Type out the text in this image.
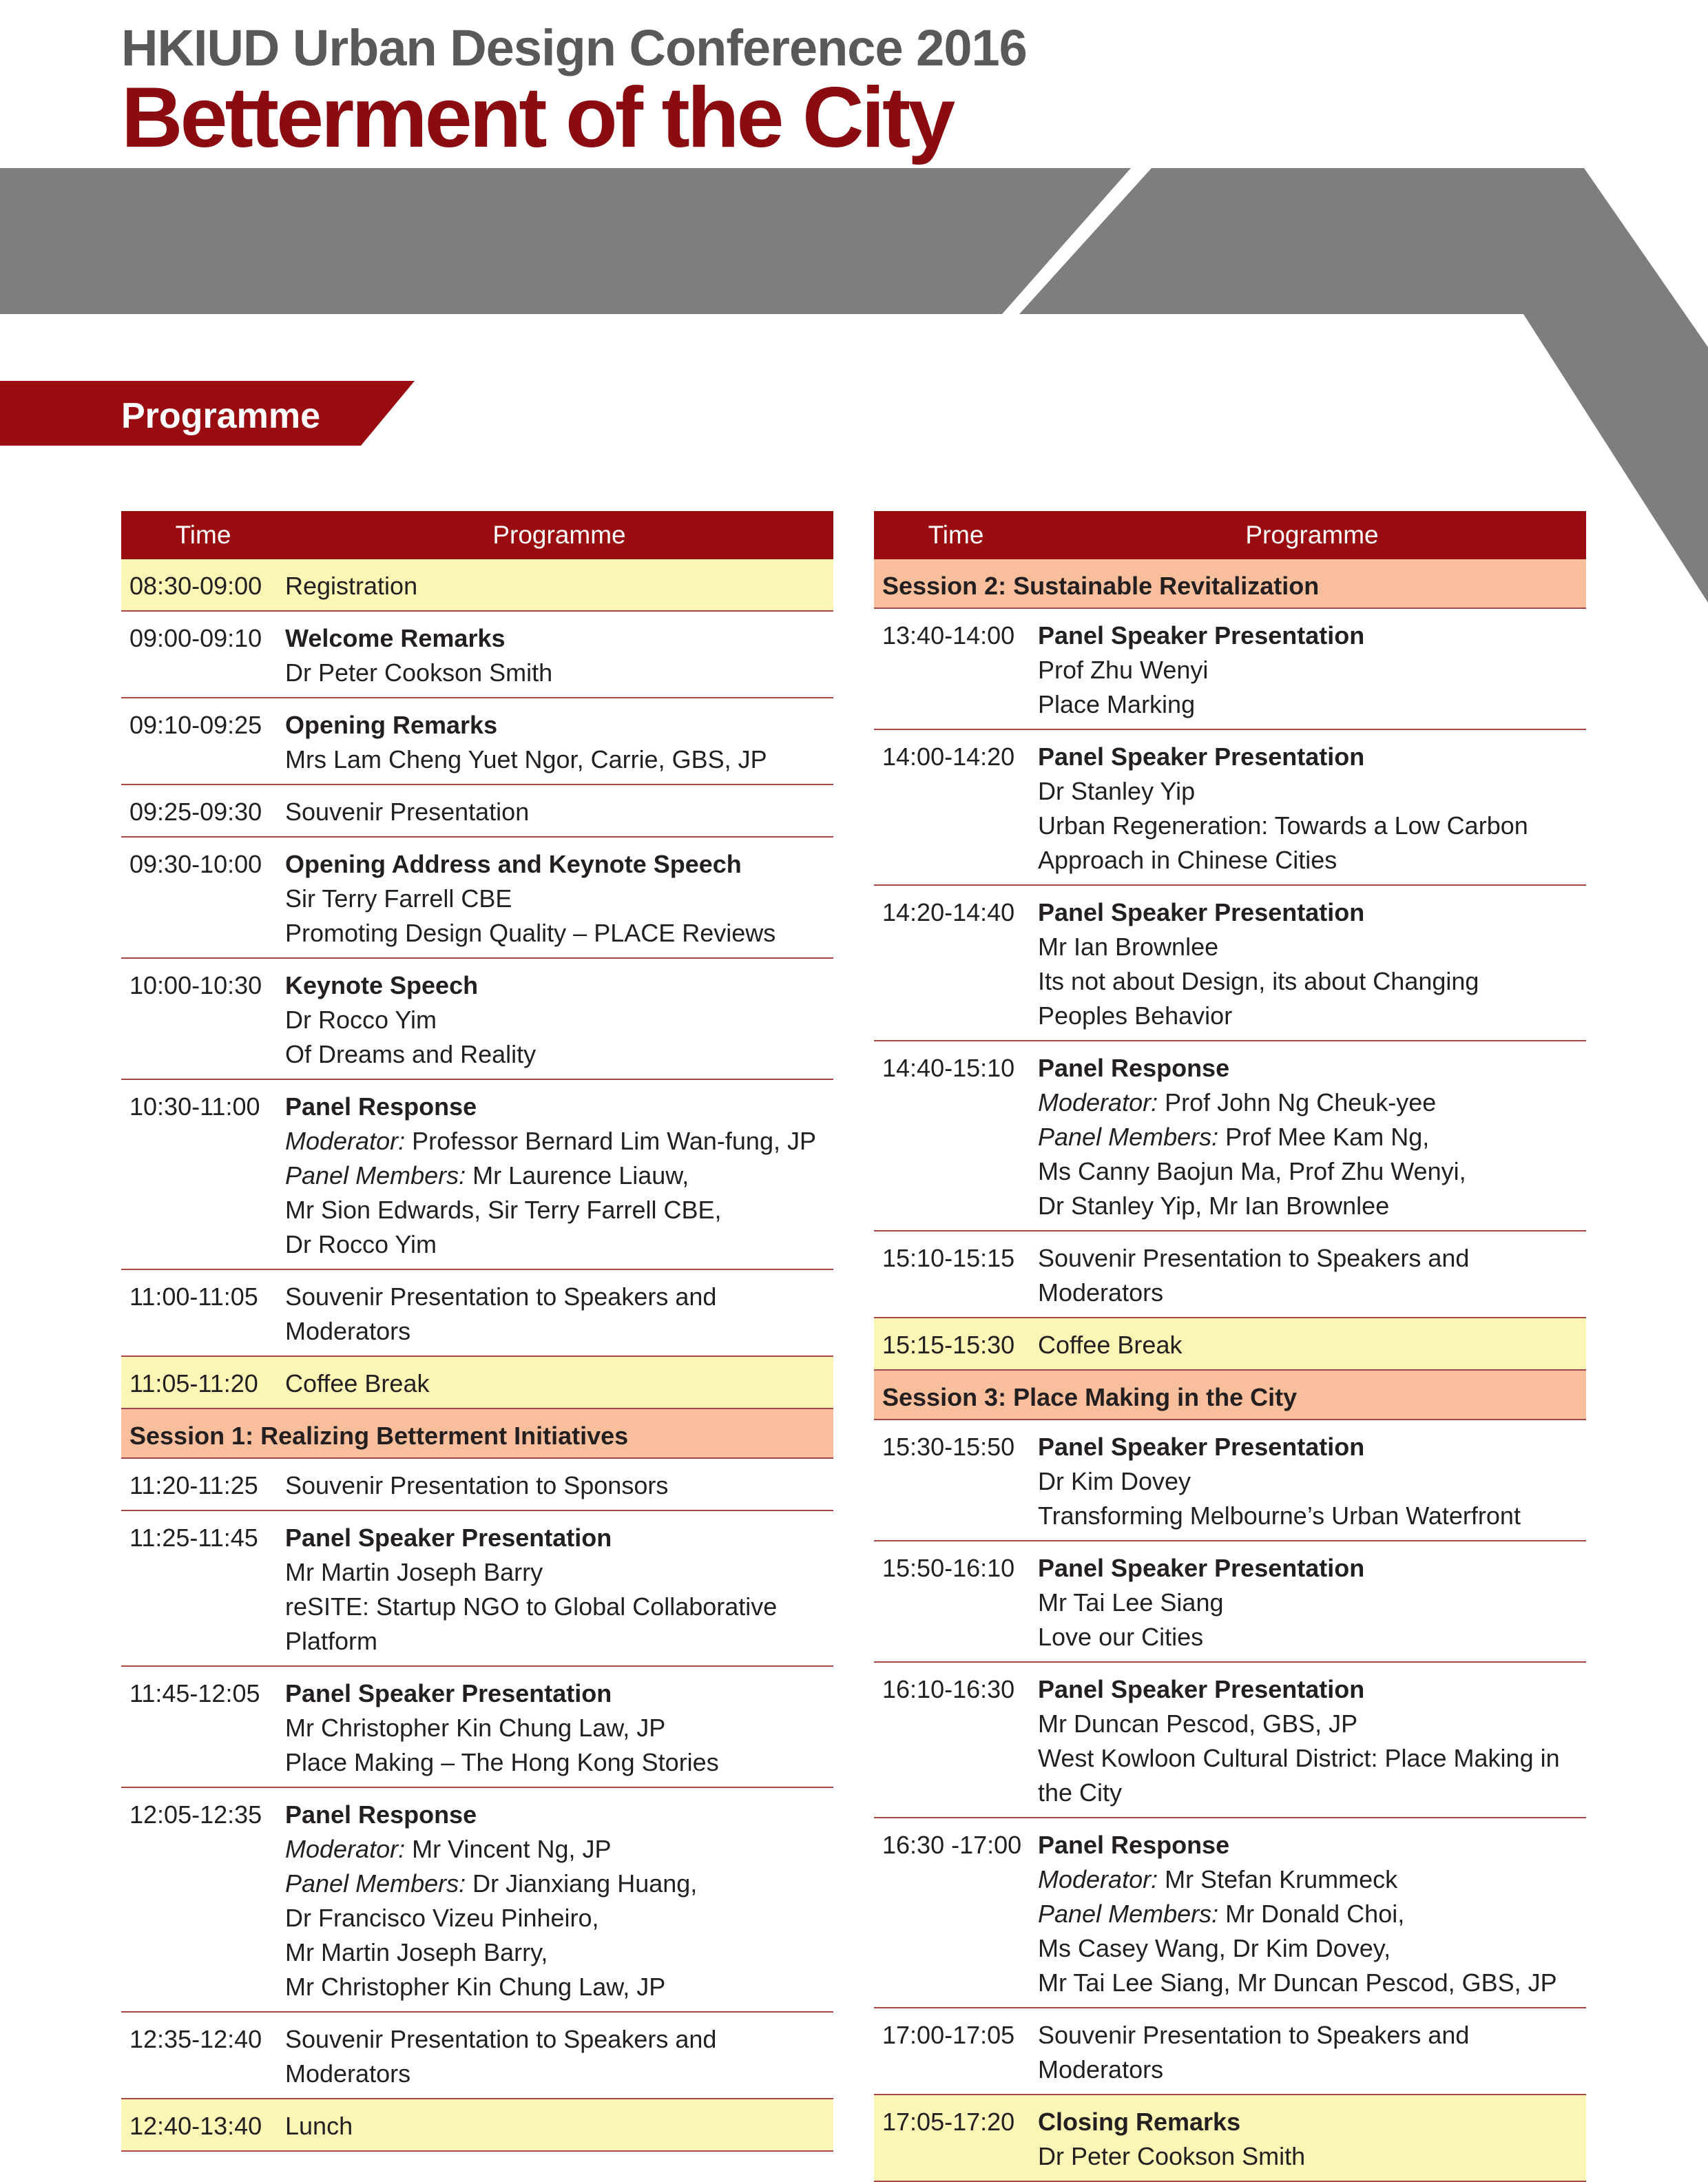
HKIUD Urban Design Conference 2016
Betterment of the City
Programme
Time	Programme
08:30-09:00 Registration
09:00-09:10 Welcome Remarks
Dr Peter Cookson Smith
09:10-09:25 Opening Remarks
Mrs Lam Cheng Yuet Ngor, Carrie, GBS, JP
09:25-09:30 Souvenir Presentation
09:30-10:00 Opening Address and Keynote Speech
Sir Terry Farrell CBE
Promoting Design Quality – PLACE Reviews
10:00-10:30 Keynote Speech
Dr Rocco Yim
Of Dreams and Reality
10:30-11:00	Panel Response
Moderator: Professor Bernard Lim Wan-fung, JP
Panel Members: Mr Laurence Liauw,
Mr Sion Edwards, Sir Terry Farrell CBE,
Dr Rocco Yim
11:00-11:05	Souvenir Presentation to Speakers and
Moderators
11:05-11:20	Coffee Break
Session 1: Realizing Betterment Initiatives
11:20-11:25	Souvenir Presentation to Sponsors
11:25-11:45	Panel Speaker Presentation
Mr Martin Joseph Barry
reSITE: Startup NGO to Global Collaborative
Platform
11:45-12:05	Panel Speaker Presentation
Mr Christopher Kin Chung Law, JP
Place Making – The Hong Kong Stories
12:05-12:35 Panel Response
Moderator: Mr Vincent Ng, JP
Panel Members: Dr Jianxiang Huang,
Dr Francisco Vizeu Pinheiro,
Mr Martin Joseph Barry,
Mr Christopher Kin Chung Law, JP
12:35-12:40 Souvenir Presentation to Speakers and
Moderators
12:40-13:40 Lunch
Time	Programme
Session 2: Sustainable Revitalization
13:40-14:00 Panel Speaker Presentation
Prof Zhu Wenyi
Place Marking
14:00-14:20 Panel Speaker Presentation
Dr Stanley Yip
Urban Regeneration: Towards a Low Carbon
Approach in Chinese Cities
14:20-14:40 Panel Speaker Presentation
Mr Ian Brownlee
Its not about Design, its about Changing
Peoples Behavior
14:40-15:10 Panel Response
Moderator: Prof John Ng Cheuk-yee
Panel Members: Prof Mee Kam Ng,
Ms Canny Baojun Ma, Prof Zhu Wenyi,
Dr Stanley Yip, Mr Ian Brownlee
15:10-15:15 Souvenir Presentation to Speakers and
Moderators
15:15-15:30 Coffee Break
Session 3: Place Making in the City
15:30-15:50 Panel Speaker Presentation
Dr Kim Dovey
Transforming Melbourne’s Urban Waterfront
15:50-16:10 Panel Speaker Presentation
Mr Tai Lee Siang
Love our Cities
16:10-16:30 Panel Speaker Presentation
Mr Duncan Pescod, GBS, JP
West Kowloon Cultural District: Place Making in
the City
16:30 -17:00 Panel Response
Moderator: Mr Stefan Krummeck
Panel Members: Mr Donald Choi,
Ms Casey Wang, Dr Kim Dovey,
Mr Tai Lee Siang, Mr Duncan Pescod, GBS, JP
17:00-17:05 Souvenir Presentation to Speakers and
Moderators
17:05-17:20 Closing Remarks
Dr Peter Cookson Smith
